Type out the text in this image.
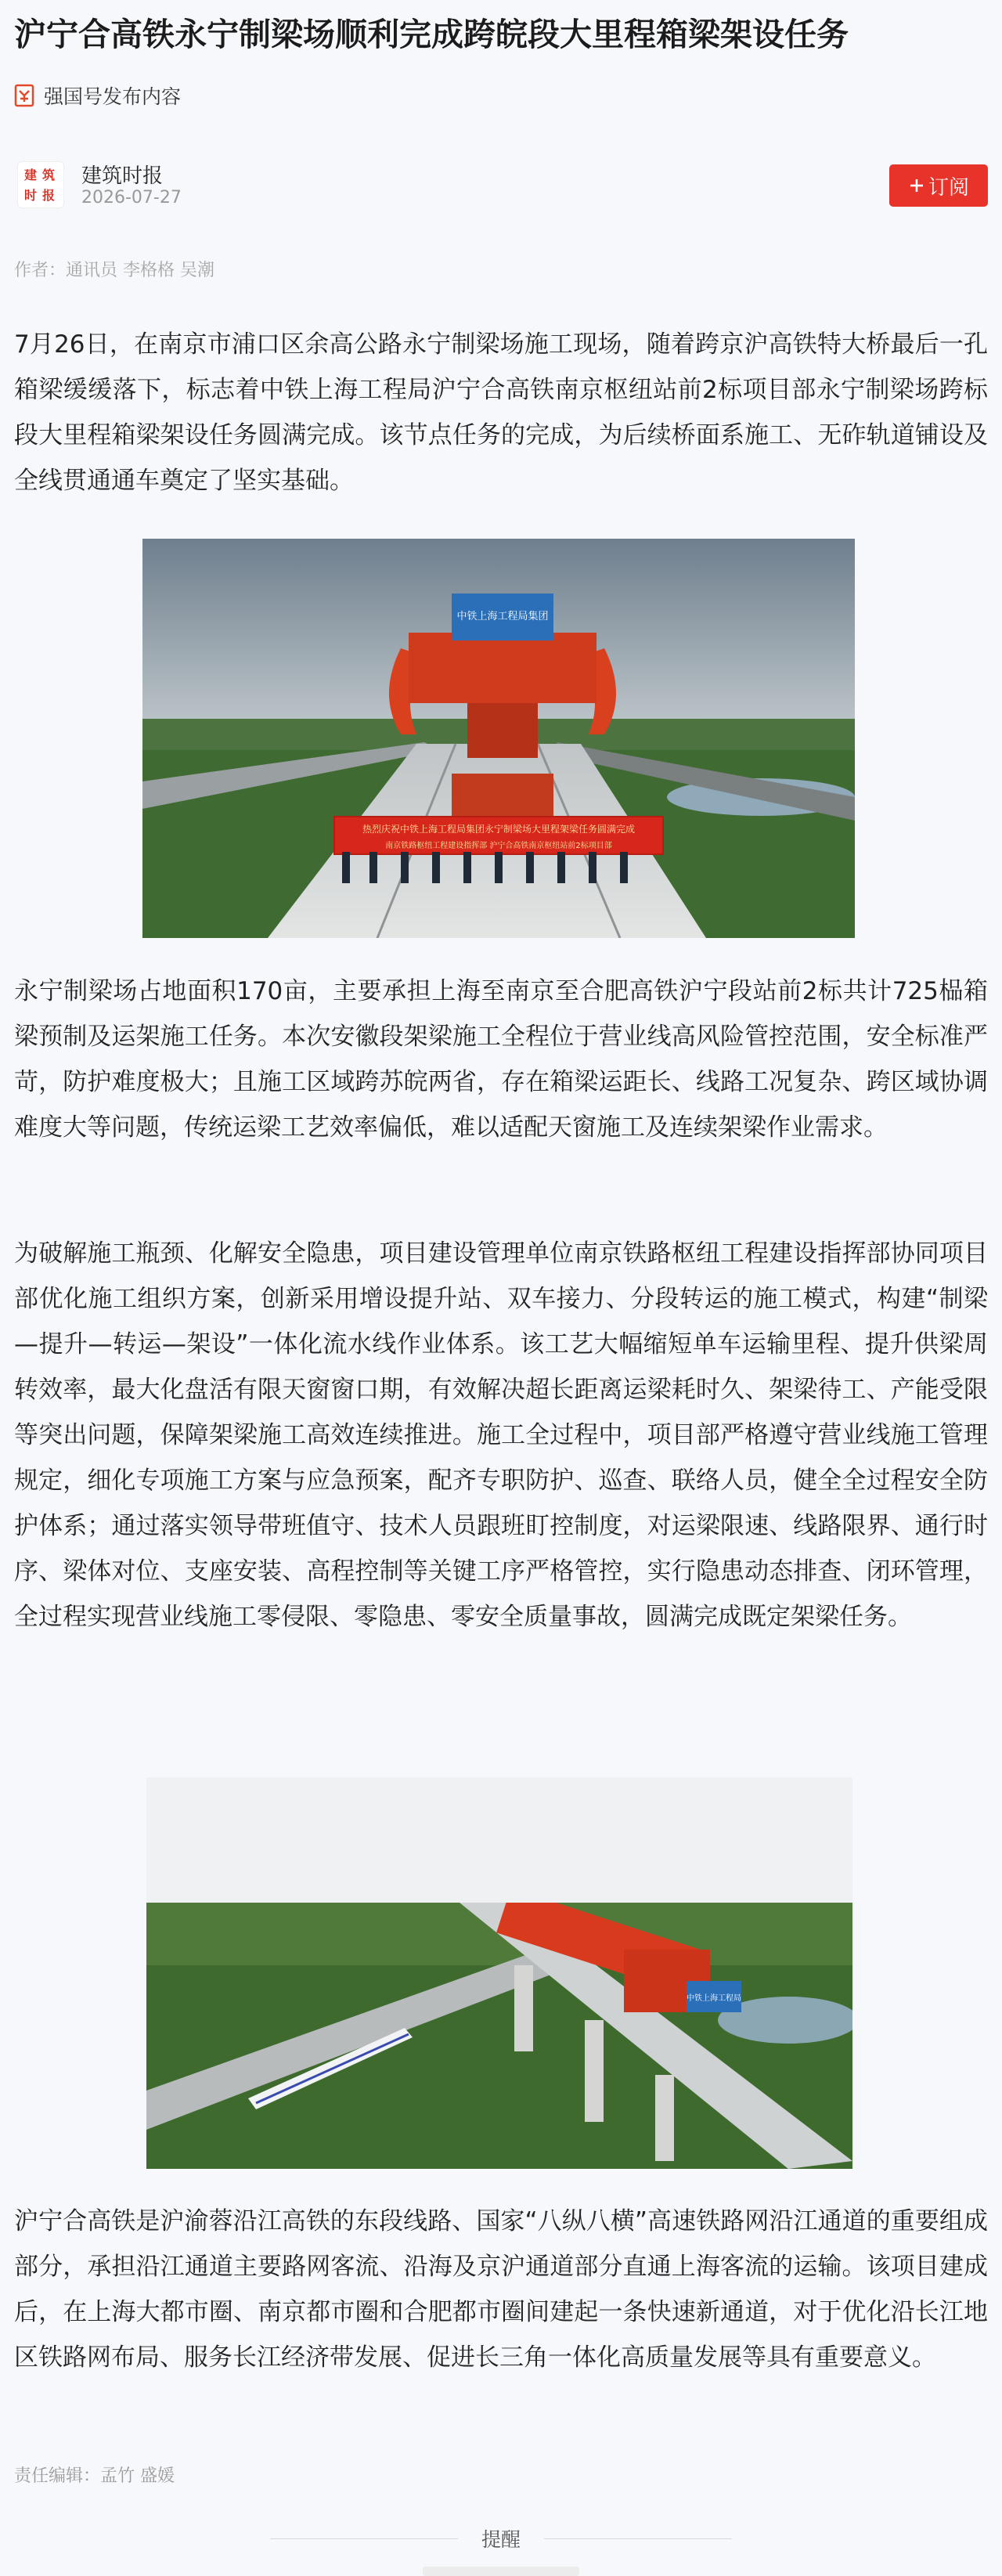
沪宁合高铁永宁制梁场顺利完成跨皖段大里程箱梁架设任务
强国号发布内容
建 筑
时 报
建筑时报
2026-07-27	订阅
作者：通讯员 李格格 吴潮

7月26日，在南京市浦口区余高公路永宁制梁场施工现场，随着跨京沪高铁特大桥最后一孔箱梁缓缓落下，标志着中铁上海工程局沪宁合高铁南京枢纽站前2标项目部永宁制梁场跨标段大里程箱梁架设任务圆满完成。该节点任务的完成，为后续桥面系施工、无砟轨道铺设及全线贯通通车奠定了坚实基础。

中铁上海工程局集团
热烈庆祝中铁上海工程局集团永宁制梁场大里程架梁任务圆满完成
南京铁路枢纽工程建设指挥部 沪宁合高铁南京枢纽站前2标项目部

永宁制梁场占地面积170亩，主要承担上海至南京至合肥高铁沪宁段站前2标共计725榀箱梁预制及运架施工任务。本次安徽段架梁施工全程位于营业线高风险管控范围，安全标准严苛，防护难度极大；且施工区域跨苏皖两省，存在箱梁运距长、线路工况复杂、跨区域协调难度大等问题，传统运梁工艺效率偏低，难以适配天窗施工及连续架梁作业需求。

为破解施工瓶颈、化解安全隐患，项目建设管理单位南京铁路枢纽工程建设指挥部协同项目部优化施工组织方案，创新采用增设提升站、双车接力、分段转运的施工模式，构建“制梁—提升—转运—架设”一体化流水线作业体系。该工艺大幅缩短单车运输里程、提升供梁周转效率，最大化盘活有限天窗窗口期，有效解决超长距离运梁耗时久、架梁待工、产能受限等突出问题，保障架梁施工高效连续推进。施工全过程中，项目部严格遵守营业线施工管理规定，细化专项施工方案与应急预案，配齐专职防护、巡查、联络人员，健全全过程安全防护体系；通过落实领导带班值守、技术人员跟班盯控制度，对运梁限速、线路限界、通行时序、梁体对位、支座安装、高程控制等关键工序严格管控，实行隐患动态排查、闭环管理，全过程实现营业线施工零侵限、零隐患、零安全质量事故，圆满完成既定架梁任务。

中铁上海工程局

沪宁合高铁是沪渝蓉沿江高铁的东段线路、国家“八纵八横”高速铁路网沿江通道的重要组成部分，承担沿江通道主要路网客流、沿海及京沪通道部分直通上海客流的运输。该项目建成后，在上海大都市圈、南京都市圈和合肥都市圈间建起一条快速新通道，对于优化沿长江地区铁路网布局、服务长江经济带发展、促进长三角一体化高质量发展等具有重要意义。

责任编辑：孟竹 盛媛
提醒
